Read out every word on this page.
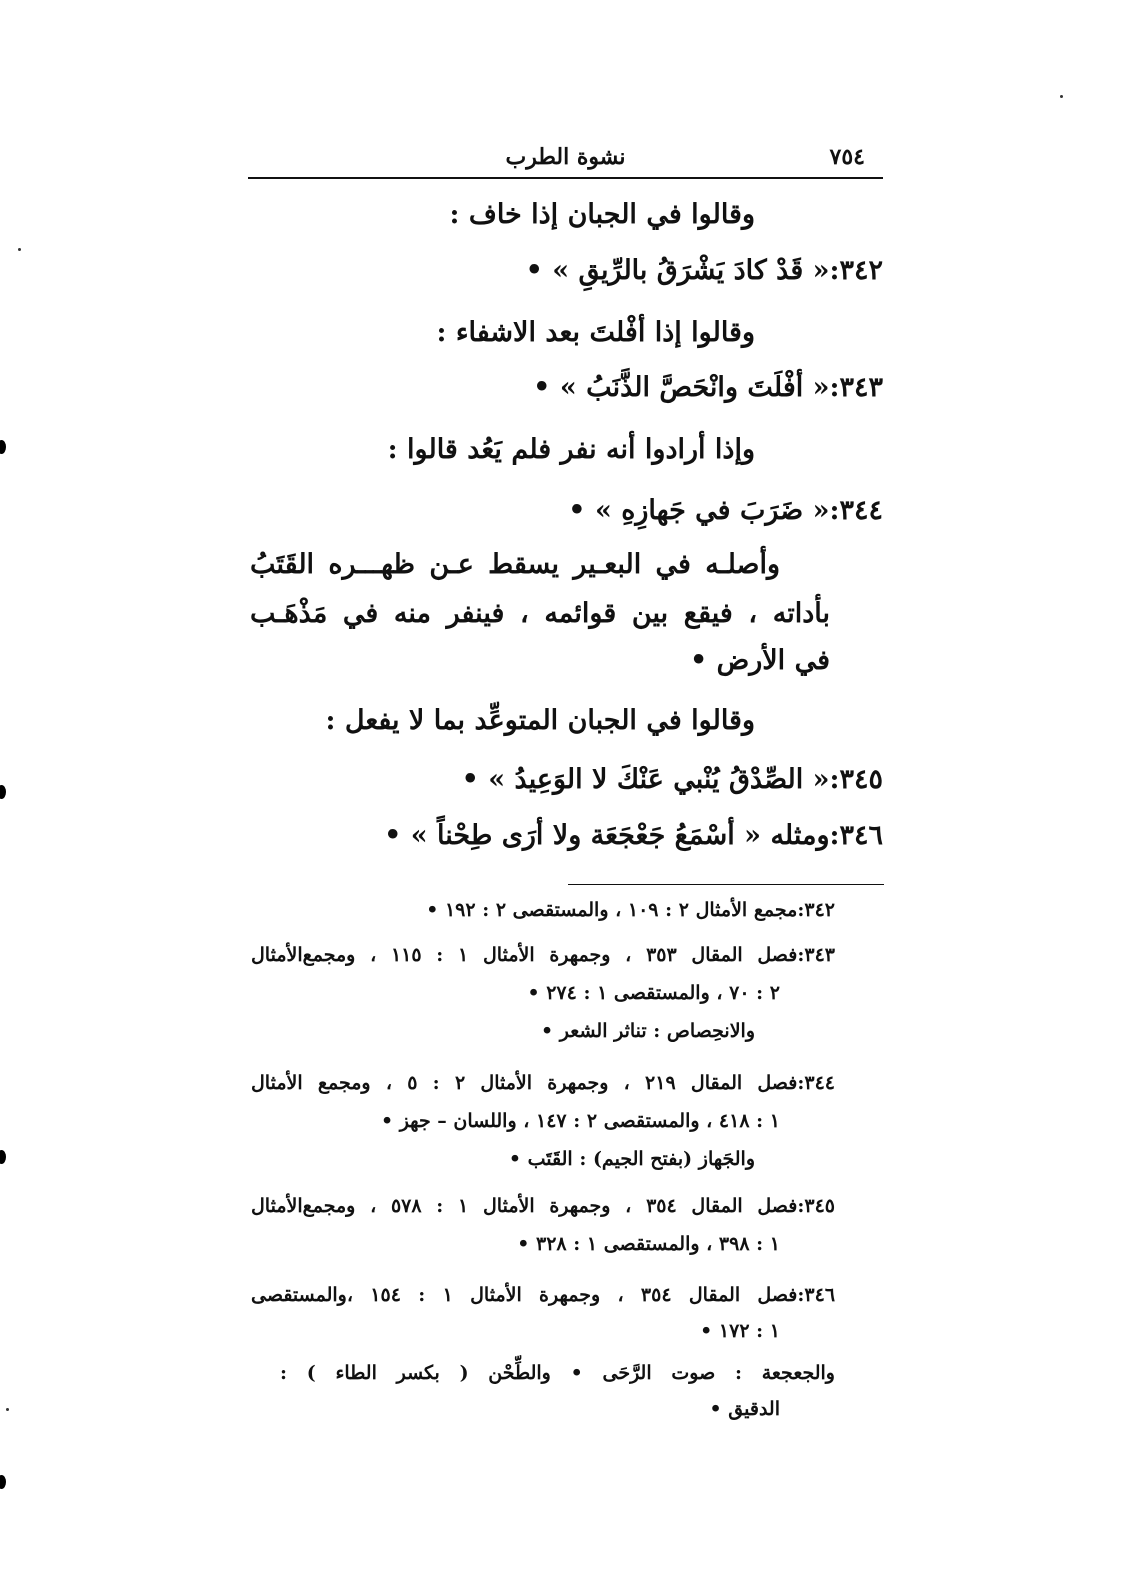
٧٥٤
نشوة الطرب
وقالوا في الجبان إذا خاف :
٣٤٢:« قَدْ كادَ يَشْرَقُ بالرِّيقِ » •
وقالوا إذا أفْلتَ بعد الاشفاء :
٣٤٣:« أفْلَتَ وانْحَصَّ الذَّنَبُ » •
وإذا أرادوا أنه نفر فلم يَعُد قالوا :
٣٤٤:« ضَرَبَ في جَهازِهِ » •
وأصلـه في البعـير يسقط عـن ظهـــره القَتَبُ
بأداته ، فيقع بين قوائمه ، فينفر منه في مَذْهَـب
في الأرض •
وقالوا في الجبان المتوعِّد بما لا يفعل :
٣٤٥:« الصِّدْقُ يُنْبي عَنْكَ لا الوَعِيدُ » •
٣٤٦:ومثله « أسْمَعُ جَعْجَعَة ولا أرَى طِحْناً » •
٣٤٢:مجمع الأمثال ٢ : ١٠٩ ، والمستقصى ٢ : ١٩٢ •
٣٤٣:فصل المقال ٣٥٣ ، وجمهرة الأمثال ١ : ١١٥ ، ومجمع‌الأمثال
٢ : ٧٠ ، والمستقصى ١ : ٢٧٤ •
والانحِصاص : تناثر الشعر •
٣٤٤:فصل المقال ٢١٩ ، وجمهرة الأمثال ٢ : ٥ ، ومجمع الأمثال
١ : ٤١٨ ، والمستقصى ٢ : ١٤٧ ، واللسان – جهز •
والجَهاز (بفتح الجيم) : القَتَب •
٣٤٥:فصل المقال ٣٥٤ ، وجمهرة الأمثال ١ : ٥٧٨ ، ومجمع‌الأمثال
١ : ٣٩٨ ، والمستقصى ١ : ٣٢٨ •
٣٤٦:فصل المقال ٣٥٤ ، وجمهرة الأمثال ١ : ١٥٤ ،والمستقصى
١ : ١٧٢ •
والجعجعة : صوت الرَّحَى • والطِّحْن ( بكسر الطاء ) :
الدقيق •
